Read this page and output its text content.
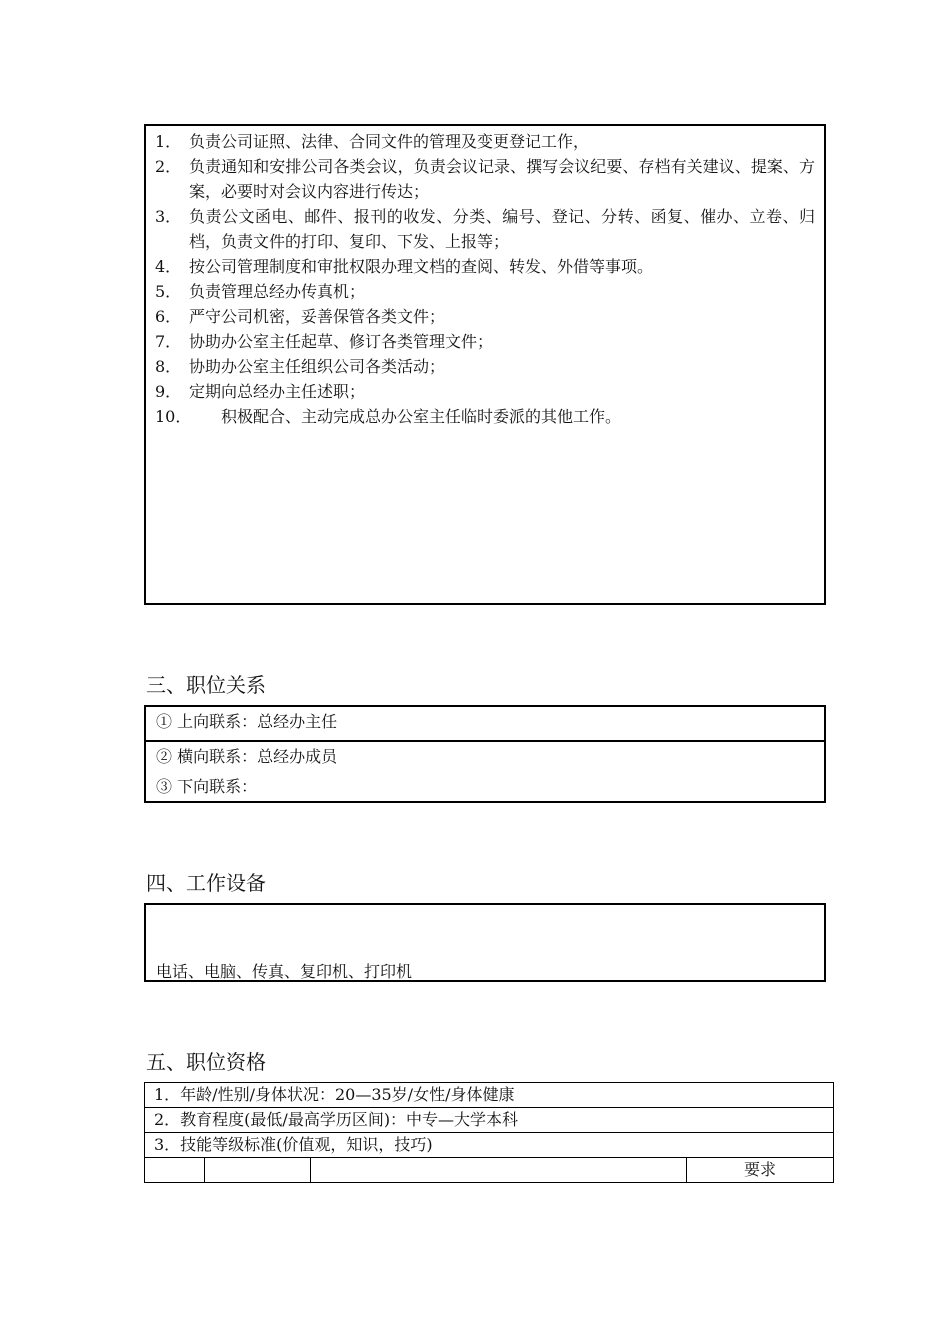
1． 负责公司证照、法律、合同文件的管理及变更登记工作，
2． 负责通知和安排公司各类会议，负责会议记录、撰写会议纪要、存档有关建议、提案、方案，必要时对会议内容进行传达；
3． 负责公文函电、邮件、报刊的收发、分类、编号、登记、分转、函复、催办、立卷、归档，负责文件的打印、复印、下发、上报等；
4． 按公司管理制度和审批权限办理文档的查阅、转发、外借等事项。
5． 负责管理总经办传真机；
6． 严守公司机密，妥善保管各类文件；
7． 协助办公室主任起草、修订各类管理文件；
8． 协助办公室主任组织公司各类活动；
9． 定期向总经办主任述职；
10．	积极配合、主动完成总办公室主任临时委派的其他工作。
三、职位关系
① 上向联系：总经办主任
② 横向联系：总经办成员
③ 下向联系：
四、工作设备
电话、电脑、传真、复印机、打印机
五、职位资格
1．年龄/性别/身体状况：20—35岁/女性/身体健康
2．教育程度(最低/最高学历区间)：中专—大学本科
3．技能等级标准(价值观，知识，技巧)
			要求
